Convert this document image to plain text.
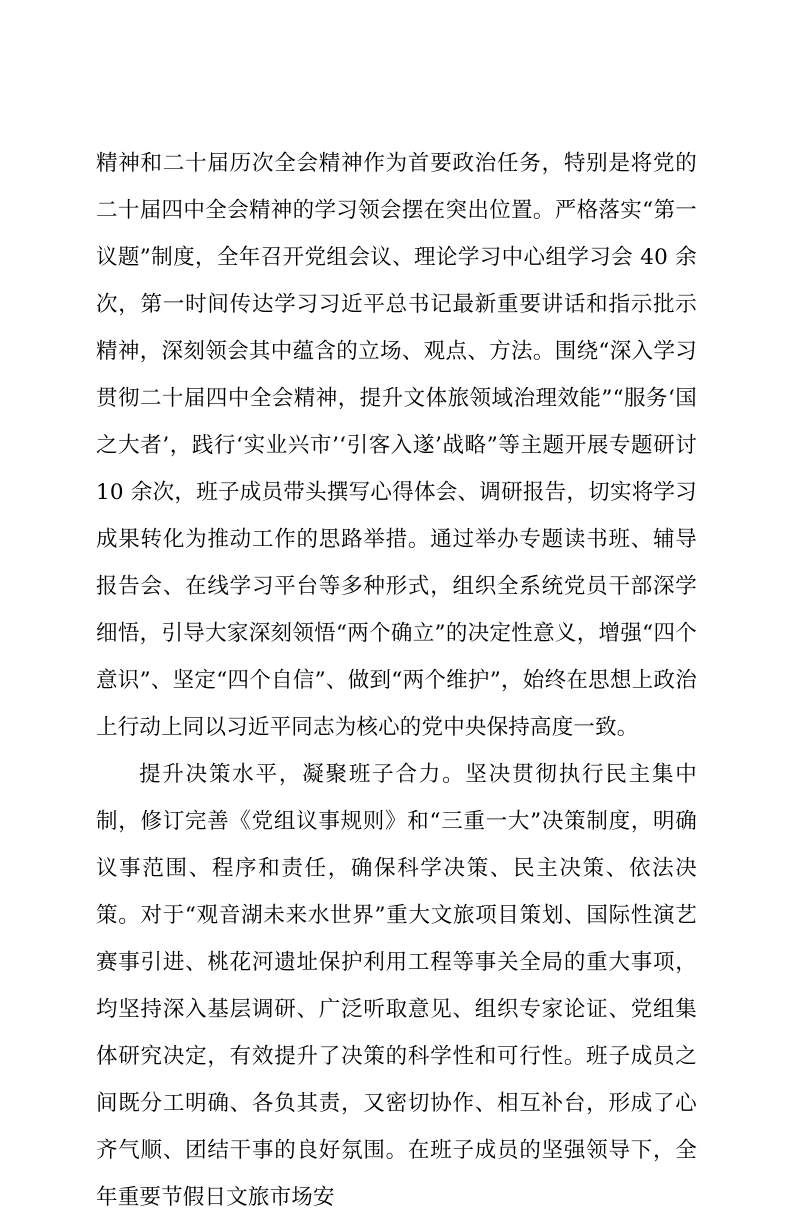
精神和二十届历次全会精神作为首要政治任务，特别是将党的二十届四中全会精神的学习领会摆在突出位置。严格落实“第一议题”制度，全年召开党组会议、理论学习中心组学习会 40 余次，第一时间传达学习习近平总书记最新重要讲话和指示批示精神，深刻领会其中蕴含的立场、观点、方法。围绕“深入学习贯彻二十届四中全会精神，提升文体旅领域治理效能”“服务‘国之大者’，践行‘实业兴市’‘引客入遂’战略”等主题开展专题研讨 10 余次，班子成员带头撰写心得体会、调研报告，切实将学习成果转化为推动工作的思路举措。通过举办专题读书班、辅导报告会、在线学习平台等多种形式，组织全系统党员干部深学细悟，引导大家深刻领悟“两个确立”的决定性意义，增强“四个意识”、坚定“四个自信”、做到“两个维护”，始终在思想上政治上行动上同以习近平同志为核心的党中央保持高度一致。

提升决策水平，凝聚班子合力。坚决贯彻执行民主集中制，修订完善《党组议事规则》和“三重一大”决策制度，明确议事范围、程序和责任，确保科学决策、民主决策、依法决策。对于“观音湖未来水世界”重大文旅项目策划、国际性演艺赛事引进、桃花河遗址保护利用工程等事关全局的重大事项，均坚持深入基层调研、广泛听取意见、组织专家论证、党组集体研究决定，有效提升了决策的科学性和可行性。班子成员之间既分工明确、各负其责，又密切协作、相互补台，形成了心齐气顺、团结干事的良好氛围。在班子成员的坚强领导下，全年重要节假日文旅市场安
